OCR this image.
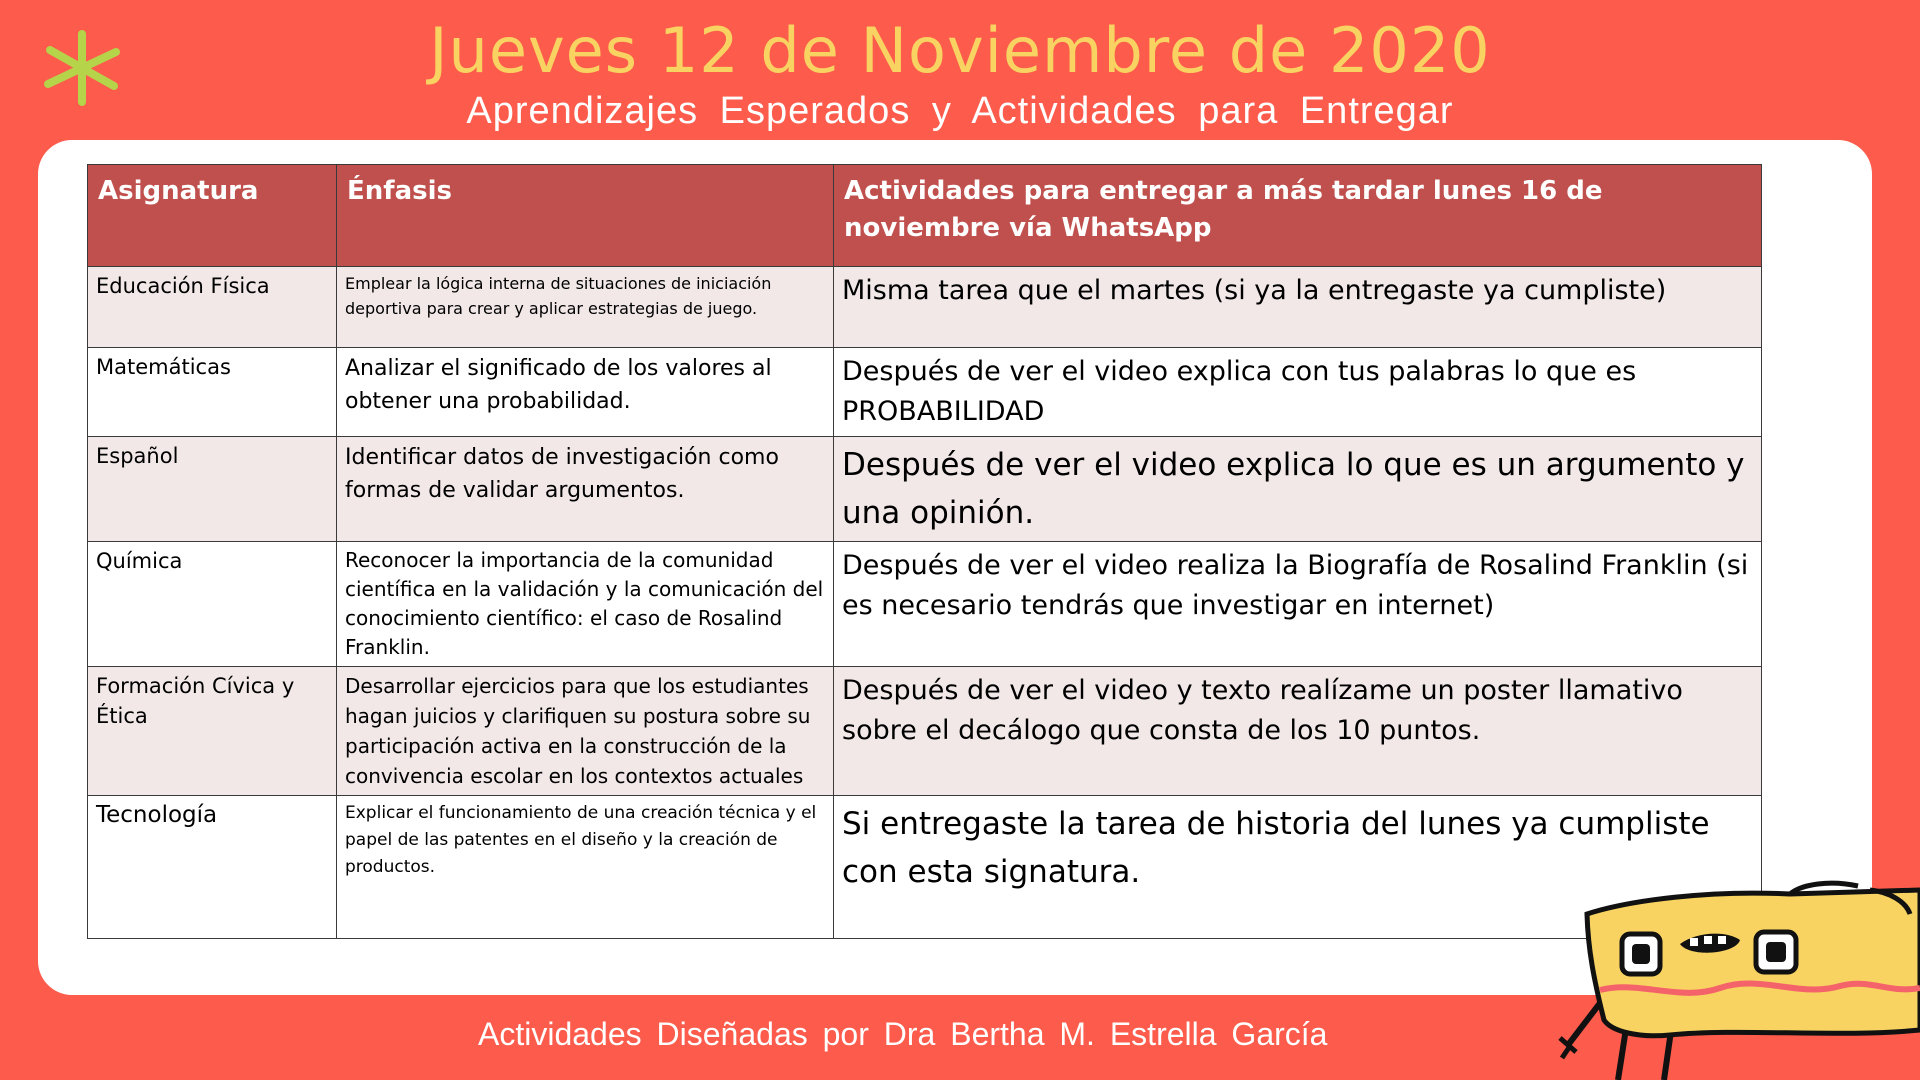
Jueves 12 de Noviembre de 2020
Aprendizajes Esperados y Actividades para Entregar
Asignatura	Énfasis	Actividades para entregar a más tardar lunes 16 de noviembre vía WhatsApp
Educación Física	Emplear la lógica interna de situaciones de iniciación deportiva para crear y aplicar estrategias de juego.	Misma tarea que el martes (si ya la entregaste ya cumpliste)
Matemáticas	Analizar el significado de los valores al obtener una probabilidad.	Después de ver el video explica con tus palabras lo que es PROBABILIDAD
Español	Identificar datos de investigación como formas de validar argumentos.	Después de ver el video explica lo que es un argumento y una opinión.
Química	Reconocer la importancia de la comunidad científica en la validación y la comunicación del conocimiento científico: el caso de Rosalind Franklin.	Después de ver el video realiza la Biografía de Rosalind Franklin (si es necesario tendrás que investigar en internet)
Formación Cívica y Ética	Desarrollar ejercicios para que los estudiantes hagan juicios y clarifiquen su postura sobre su participación activa en la construcción de la convivencia escolar en los contextos actuales	Después de ver el video y texto realízame un poster llamativo sobre el decálogo que consta de los 10 puntos.
Tecnología	Explicar el funcionamiento de una creación técnica y el papel de las patentes en el diseño y la creación de productos.	Si entregaste la tarea de historia del lunes ya cumpliste con esta signatura.
Actividades Diseñadas por Dra Bertha M. Estrella García
